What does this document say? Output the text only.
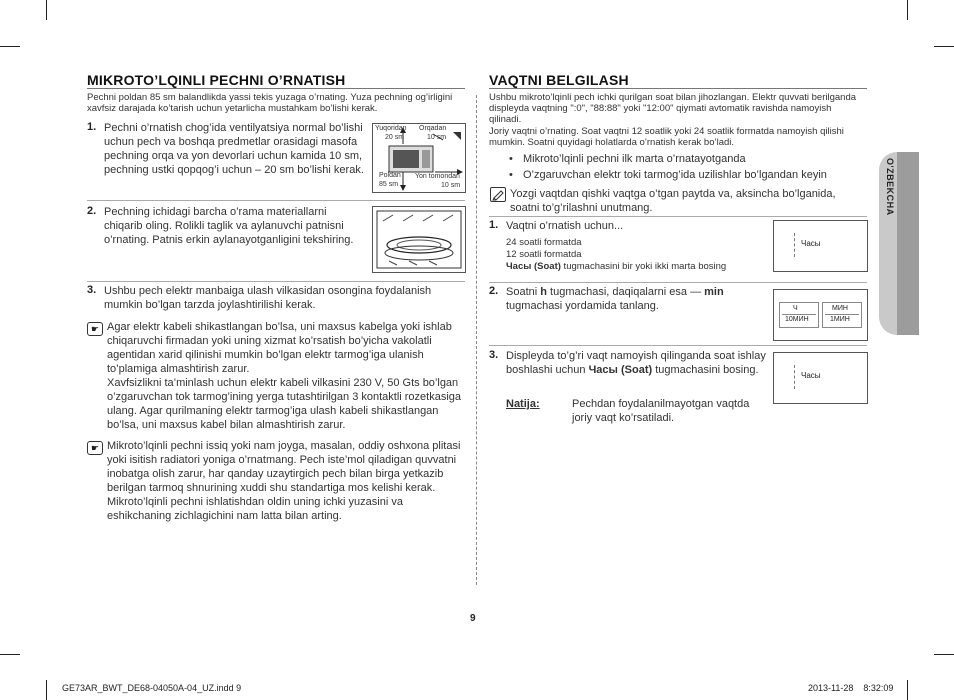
O'ZBEKCHA
MIKROTO’LQINLI PECHNI O’RNATISH
Pechni poldan 85 sm balandlikda yassi tekis yuzaga o’rnating. Yuza pechning og’irligini xavfsiz darajada ko’tarish uchun yetarlicha mustahkam bo’lishi kerak.
1. Pechni o’rnatish chog’ida ventilyatsiya normal bo’lishi uchun pech va boshqa predmetlar orasidagi masofa pechning orqa va yon devorlari uchun kamida 10 sm, pechning ustki qopqog’i uchun – 20 sm bo’lishi kerak.
Yuqoridan
20 sm
Orqadan
10 sm
Poldan
85 sm
Yon tomondan
10 sm
2. Pechning ichidagi barcha o’rama materiallarni chiqarib oling. Rolikli taglik va aylanuvchi patnisni o’rnating. Patnis erkin aylanayotganligini tekshiring.
3. Ushbu pech elektr manbaiga ulash vilkasidan osongina foydalanish mumkin bo’lgan tarzda joylashtirilishi kerak.
☛ Agar elektr kabeli shikastlangan bo’lsa, uni maxsus kabelga yoki ishlab chiqaruvchi firmadan yoki uning xizmat ko’rsatish bo’yicha vakolatli agentidan xarid qilinishi mumkin bo’lgan elektr tarmog’iga ulanish to’plamiga almashtirish zarur.
Xavfsizlikni ta’minlash uchun elektr kabeli vilkasini 230 V, 50 Gts bo’lgan o’zgaruvchan tok tarmog’ining yerga tutashtirilgan 3 kontaktli rozetkasiga ulang. Agar qurilmaning elektr tarmog’iga ulash kabeli shikastlangan bo’lsa, uni maxsus kabel bilan almashtirish zarur.
☛ Mikroto’lqinli pechni issiq yoki nam joyga, masalan, oddiy oshxona plitasi yoki isitish radiatori yoniga o’rnatmang. Pech iste’mol qiladigan quvvatni inobatga olish zarur, har qanday uzaytirgich pech bilan birga yetkazib berilgan tarmoq shnurining xuddi shu standartiga mos kelishi kerak. Mikroto’lqinli pechni ishlatishdan oldin uning ichki yuzasini va eshikchaning zichlagichini nam latta bilan arting.
VAQTNI BELGILASH
Ushbu mikroto’lqinli pech ichki qurilgan soat bilan jihozlangan. Elektr quvvati berilganda displeyda vaqtning ":0", "88:88" yoki "12:00" qiymati avtomatik ravishda namoyish qilinadi.
Joriy vaqtni o’rnating. Soat vaqtni 12 soatlik yoki 24 soatlik formatda namoyish qilishi mumkin. Soatni quyidagi holatlarda o’rnatish kerak bo’ladi.
• Mikroto’lqinli pechni ilk marta o’rnatayotganda
• O’zgaruvchan elektr toki tarmog’ida uzilishlar bo’lgandan keyin
Yozgi vaqtdan qishki vaqtga o’tgan paytda va, aksincha bo’lganida, soatni to’g’rilashni unutmang.
1. Vaqtni o’rnatish uchun...
24 soatli formatda
12 soatli formatda
Часы (Soat) tugmachasini bir yoki ikki marta bosing
Часы
2. Soatni h tugmachasi, daqiqalarni esa — min tugmachasi yordamida tanlang.	Ч
10МИН
МИН
1МИН
3. Displeyda to’g’ri vaqt namoyish qilinganda soat ishlay boshlashi uchun Часы (Soat) tugmachasini bosing.	Часы
Natija:	Pechdan foydalanilmayotgan vaqtda joriy vaqt ko’rsatiladi.
9
GE73AR_BWT_DE68-04050A-04_UZ.indd 9	2013-11-28    8:32:09
